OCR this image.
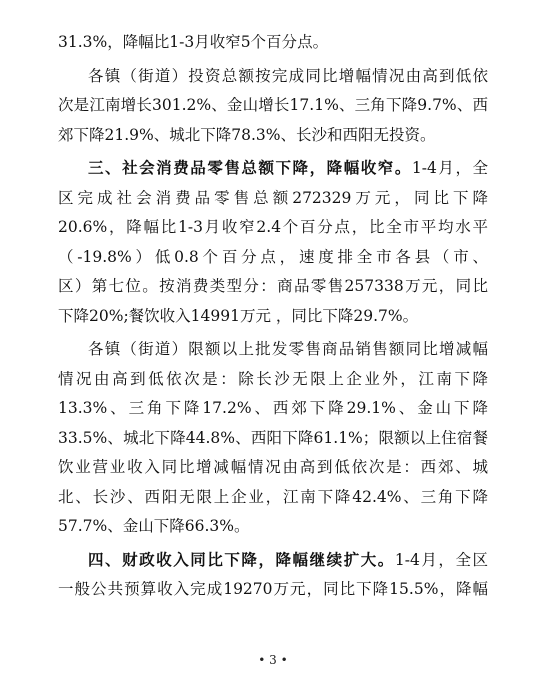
31.3%，降幅比1-3月收窄5个百分点。
各镇（街道）投资总额按完成同比增幅情况由高到低依
次是江南增长301.2%、金山增长17.1%、三角下降9.7%、西
郊下降21.9%、城北下降78.3%、长沙和西阳无投资。
三、社会消费品零售总额下降，降幅收窄。1-4月，全
区完成社会消费品零售总额272329万元，同比下降
20.6%，降幅比1-3月收窄2.4个百分点，比全市平均水平
（-19.8%）低0.8个百分点，速度排全市各县（市、
区）第七位。按消费类型分：商品零售257338万元，同比
下降20%;餐饮收入14991万元 ，同比下降29.7%。
各镇（街道）限额以上批发零售商品销售额同比增减幅
情况由高到低依次是：除长沙无限上企业外，江南下降
13.3%、三角下降17.2%、西郊下降29.1%、金山下降
33.5%、城北下降44.8%、西阳下降61.1%；限额以上住宿餐
饮业营业收入同比增减幅情况由高到低依次是：西郊、城
北、长沙、西阳无限上企业，江南下降42.4%、三角下降
57.7%、金山下降66.3%。
四、财政收入同比下降，降幅继续扩大。1-4月，全区
一般公共预算收入完成19270万元，同比下降15.5%，降幅
• 3 •
